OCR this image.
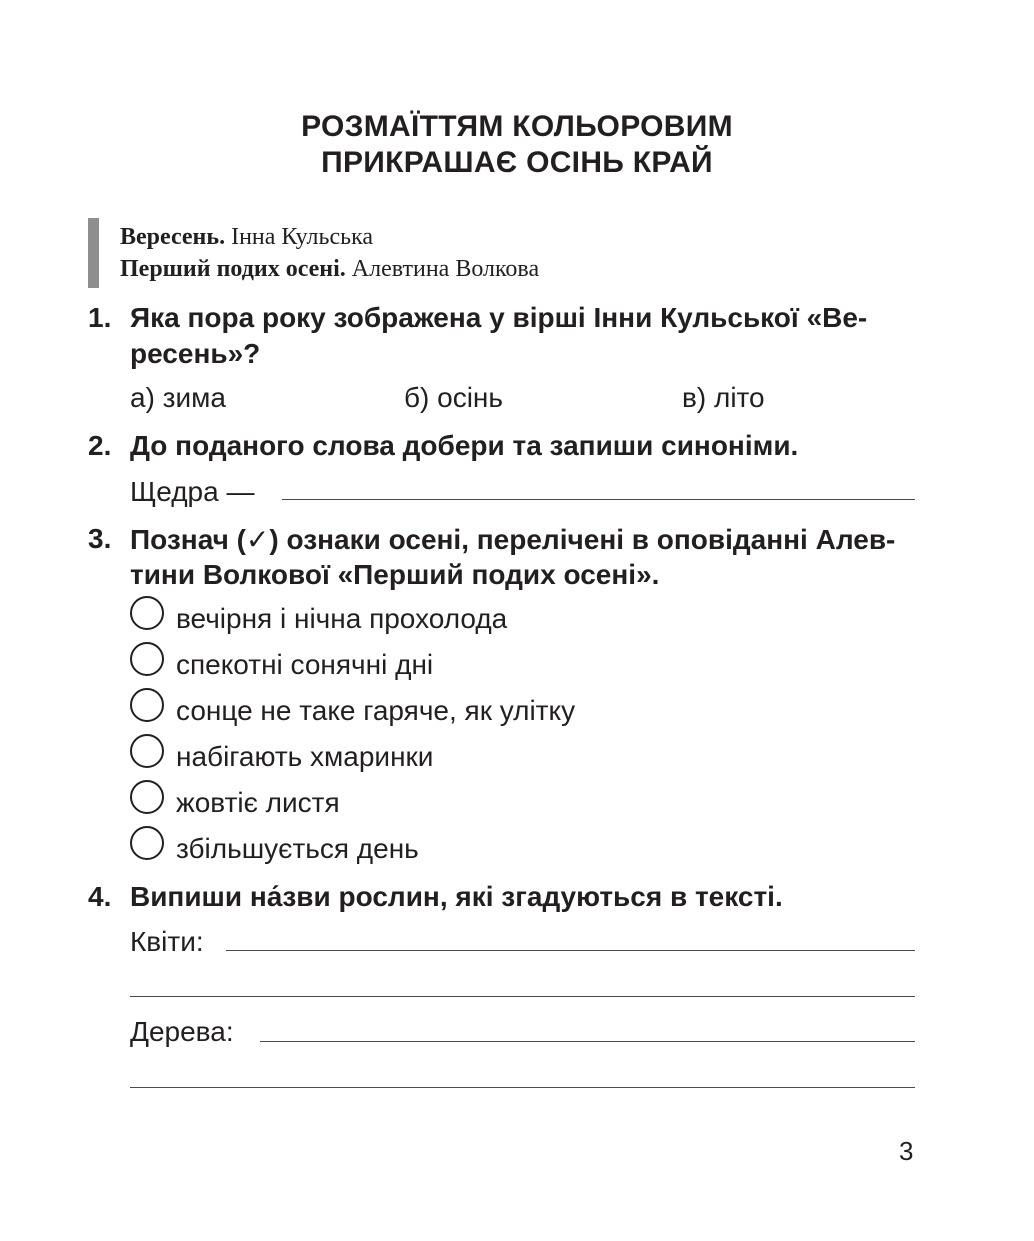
РОЗМАЇТТЯМ КОЛЬОРОВИМ
ПРИКРАШАЄ ОСІНЬ КРАЙ
Вересень. Інна Кульська
Перший подих осені. Алевтина Волкова
1. Яка пора року зображена у вірші Інни Кульської «Ве-
ресень»?
а) зима	б) осінь	в) літо
2. До поданого слова добери та запиши синоніми.
Щедра —
3. Познач (✓) ознаки осені, перелічені в оповіданні Алев-
тини Волкової «Перший подих осені».
вечірня і нічна прохолода
спекотні сонячні дні
сонце не таке гаряче, як улітку
набігають хмаринки
жовтіє листя
збільшується день
4. Випиши на́зви рослин, які згадуються в тексті.
Квіти:
Дерева:
3
